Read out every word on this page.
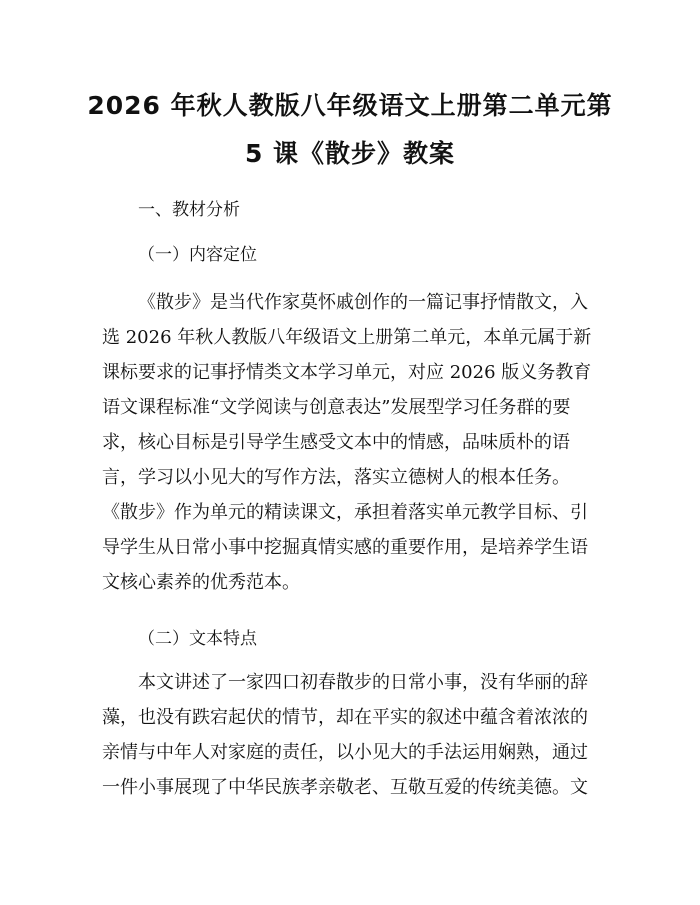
2026 年秋人教版八年级语文上册第二单元第
5 课《散步》教案
一、教材分析
（一）内容定位
《散步》是当代作家莫怀戚创作的一篇记事抒情散文，入
选 2026 年秋人教版八年级语文上册第二单元，本单元属于新
课标要求的记事抒情类文本学习单元，对应 2026 版义务教育
语文课程标准“文学阅读与创意表达”发展型学习任务群的要
求，核心目标是引导学生感受文本中的情感，品味质朴的语
言，学习以小见大的写作方法，落实立德树人的根本任务。
《散步》作为单元的精读课文，承担着落实单元教学目标、引
导学生从日常小事中挖掘真情实感的重要作用，是培养学生语
文核心素养的优秀范本。
（二）文本特点
本文讲述了一家四口初春散步的日常小事，没有华丽的辞
藻，也没有跌宕起伏的情节，却在平实的叙述中蕴含着浓浓的
亲情与中年人对家庭的责任，以小见大的手法运用娴熟，通过
一件小事展现了中华民族孝亲敬老、互敬互爱的传统美德。文
